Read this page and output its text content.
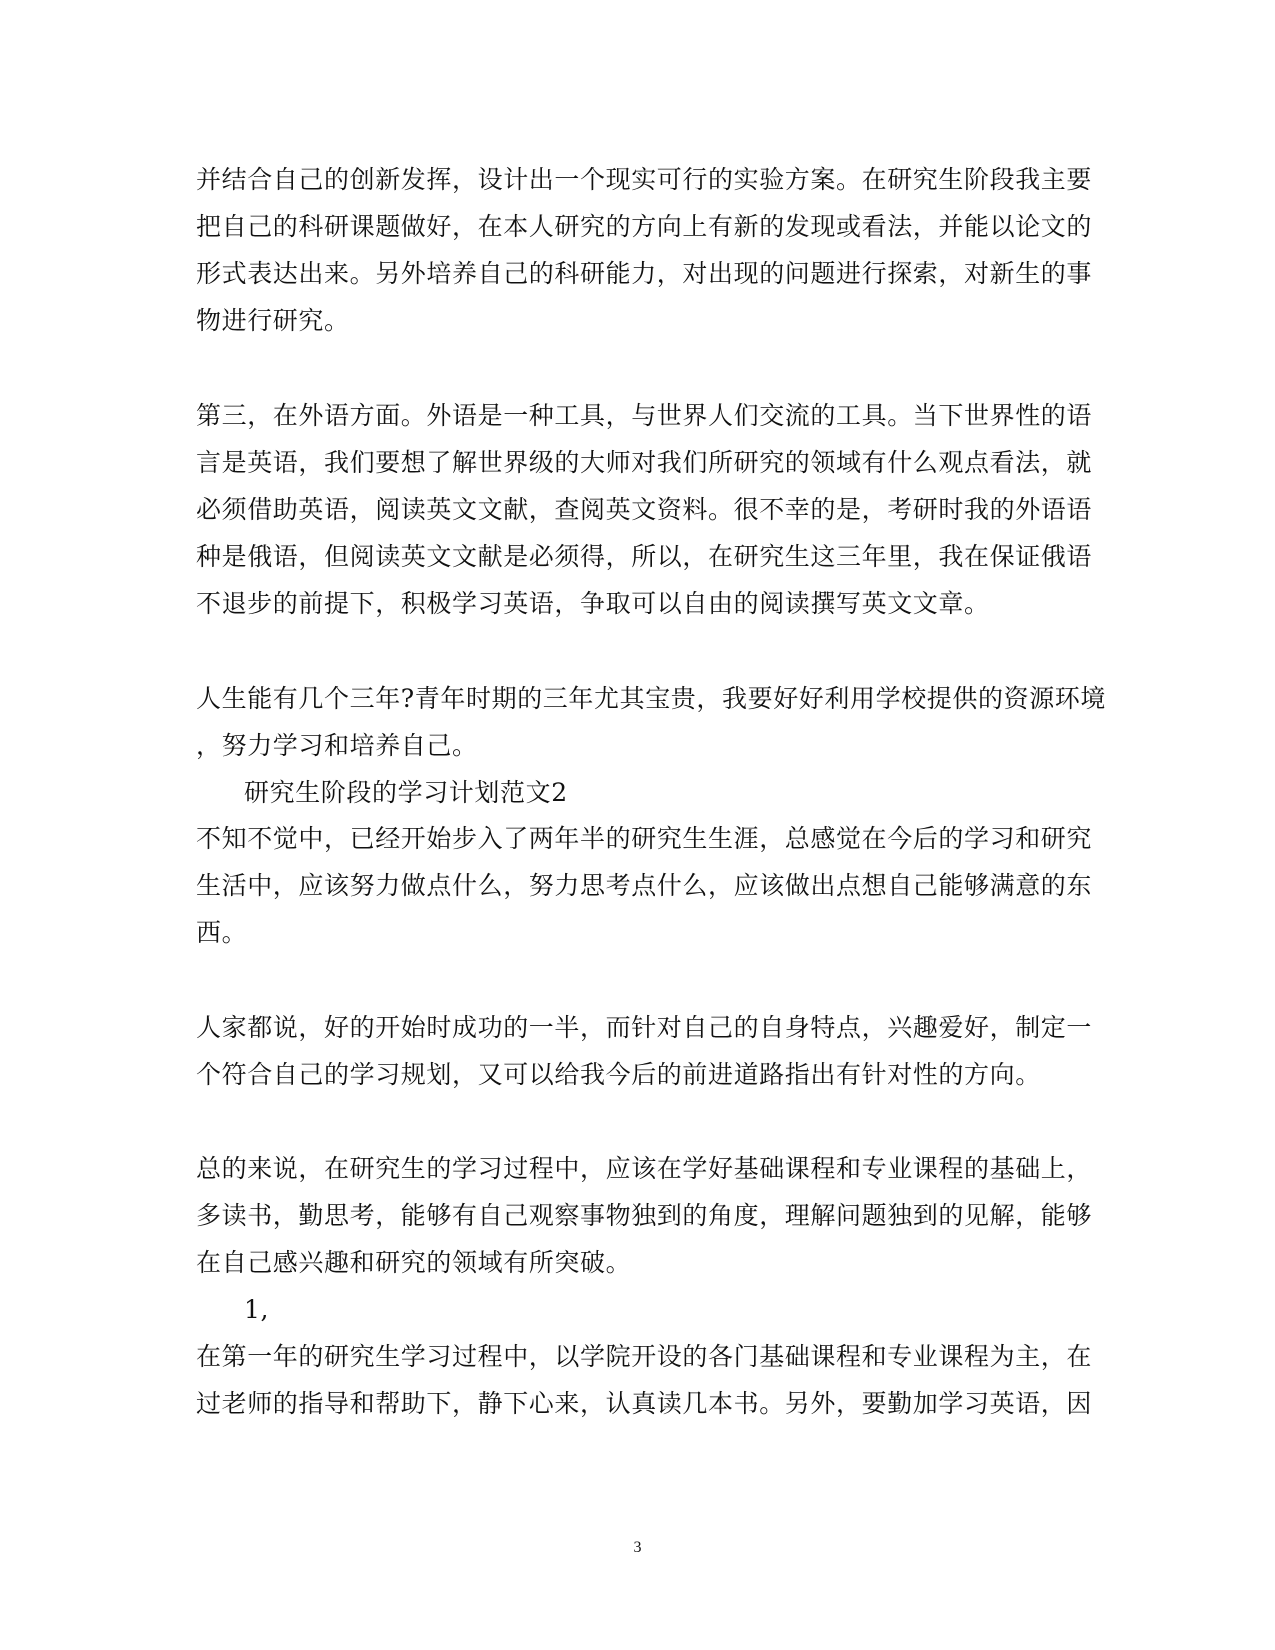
并结合自己的创新发挥，设计出一个现实可行的实验方案。在研究生阶段我主要
把自己的科研课题做好，在本人研究的方向上有新的发现或看法，并能以论文的
形式表达出来。另外培养自己的科研能力，对出现的问题进行探索，对新生的事
物进行研究。
第三，在外语方面。外语是一种工具，与世界人们交流的工具。当下世界性的语
言是英语，我们要想了解世界级的大师对我们所研究的领域有什么观点看法，就
必须借助英语，阅读英文文献，查阅英文资料。很不幸的是，考研时我的外语语
种是俄语，但阅读英文文献是必须得，所以，在研究生这三年里，我在保证俄语
不退步的前提下，积极学习英语，争取可以自由的阅读撰写英文文章。
人生能有几个三年?青年时期的三年尤其宝贵，我要好好利用学校提供的资源环境
，努力学习和培养自己。
研究生阶段的学习计划范文2
不知不觉中，已经开始步入了两年半的研究生生涯，总感觉在今后的学习和研究
生活中，应该努力做点什么，努力思考点什么，应该做出点想自己能够满意的东
西。
人家都说，好的开始时成功的一半，而针对自己的自身特点，兴趣爱好，制定一
个符合自己的学习规划，又可以给我今后的前进道路指出有针对性的方向。
总的来说，在研究生的学习过程中，应该在学好基础课程和专业课程的基础上，
多读书，勤思考，能够有自己观察事物独到的角度，理解问题独到的见解，能够
在自己感兴趣和研究的领域有所突破。
1,
在第一年的研究生学习过程中，以学院开设的各门基础课程和专业课程为主，在
过老师的指导和帮助下，静下心来，认真读几本书。另外，要勤加学习英语，因
3
